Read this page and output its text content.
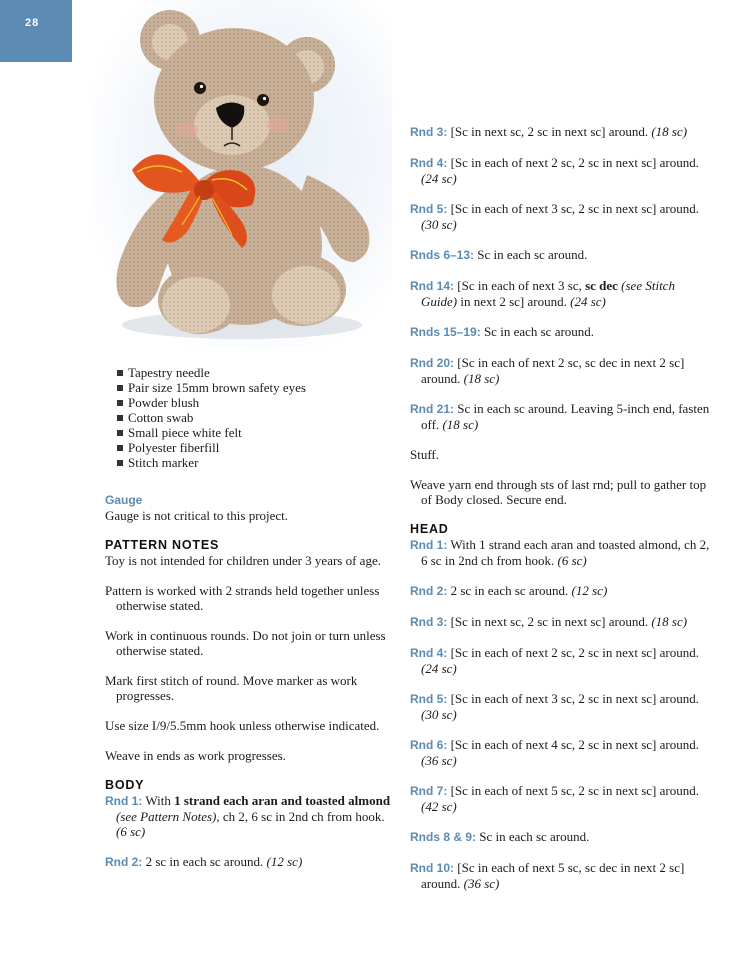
28
Tapestry needle
Pair size 15mm brown safety eyes
Powder blush
Cotton swab
Small piece white felt
Polyester fiberfill
Stitch marker

Gauge

Gauge is not critical to this project.

PATTERN NOTES

Toy is not intended for children under 3 years of age.

Pattern is worked with 2 strands held together unless otherwise stated.

Work in continuous rounds. Do not join or turn unless otherwise stated.

Mark first stitch of round. Move marker as work progresses.

Use size I/9/5.5mm hook unless otherwise indicated.

Weave in ends as work progresses.

BODY

Rnd 1: With 1 strand each aran and toasted almond (see Pattern Notes), ch 2, 6 sc in 2nd ch from hook. (6 sc)

Rnd 2: 2 sc in each sc around. (12 sc)

Rnd 3: [Sc in next sc, 2 sc in next sc] around. (18 sc)

Rnd 4: [Sc in each of next 2 sc, 2 sc in next sc] around. (24 sc)

Rnd 5: [Sc in each of next 3 sc, 2 sc in next sc] around. (30 sc)

Rnds 6–13: Sc in each sc around.

Rnd 14: [Sc in each of next 3 sc, sc dec (see Stitch Guide) in next 2 sc] around. (24 sc)

Rnds 15–19: Sc in each sc around.

Rnd 20: [Sc in each of next 2 sc, sc dec in next 2 sc] around. (18 sc)

Rnd 21: Sc in each sc around. Leaving 5-inch end, fasten off. (18 sc)

Stuff.

Weave yarn end through sts of last rnd; pull to gather top of Body closed. Secure end.

HEAD

Rnd 1: With 1 strand each aran and toasted almond, ch 2, 6 sc in 2nd ch from hook. (6 sc)

Rnd 2: 2 sc in each sc around. (12 sc)

Rnd 3: [Sc in next sc, 2 sc in next sc] around. (18 sc)

Rnd 4: [Sc in each of next 2 sc, 2 sc in next sc] around. (24 sc)

Rnd 5: [Sc in each of next 3 sc, 2 sc in next sc] around. (30 sc)

Rnd 6: [Sc in each of next 4 sc, 2 sc in next sc] around. (36 sc)

Rnd 7: [Sc in each of next 5 sc, 2 sc in next sc] around. (42 sc)

Rnds 8 & 9: Sc in each sc around.

Rnd 10: [Sc in each of next 5 sc, sc dec in next 2 sc] around. (36 sc)
